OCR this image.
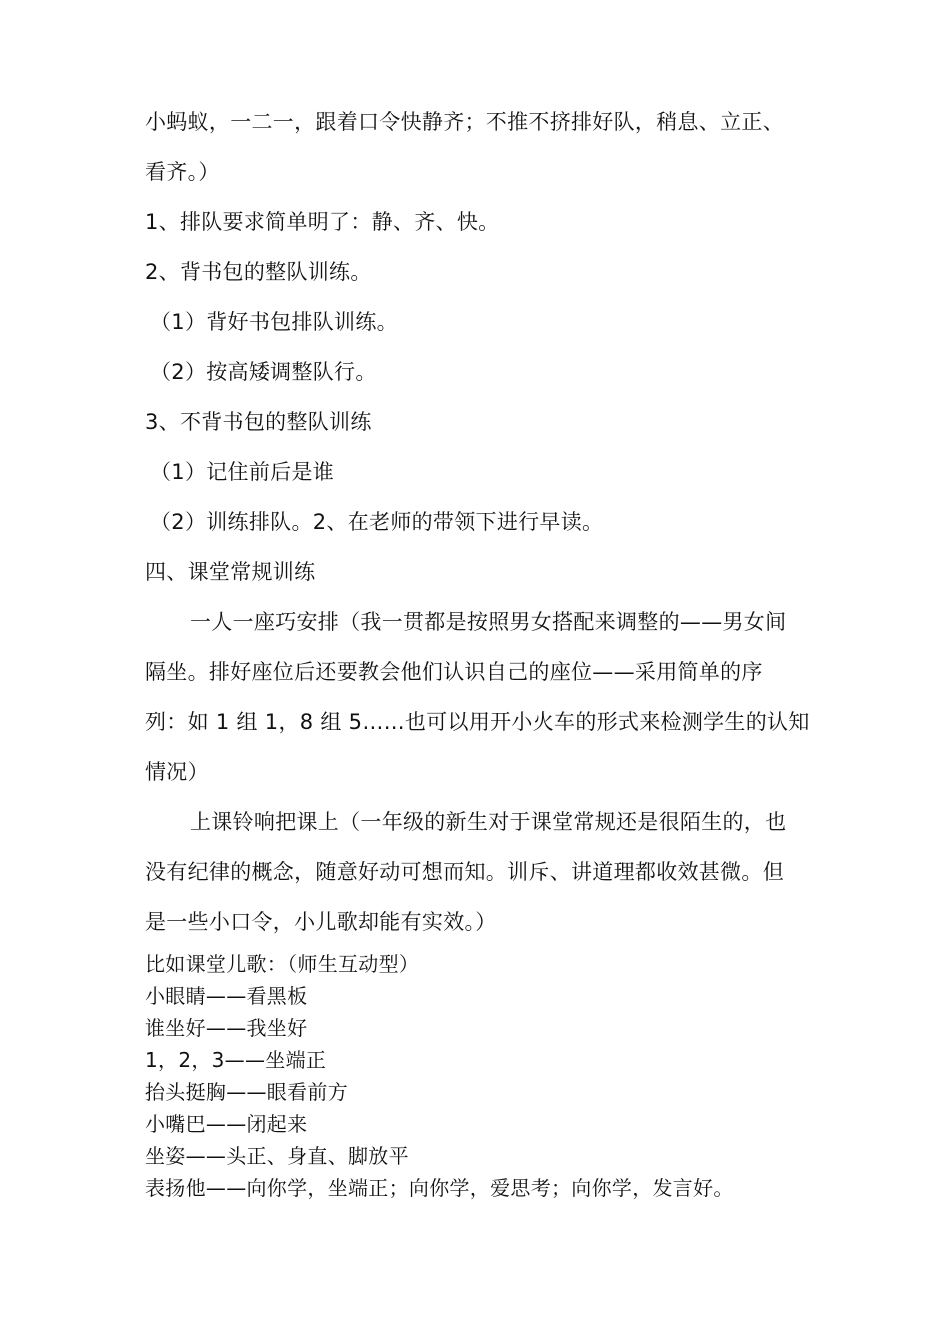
小蚂蚁，一二一，跟着口令快静齐；不推不挤排好队，稍息、立正、
看齐。）
1、排队要求简单明了：静、齐、快。
2、背书包的整队训练。
（1）背好书包排队训练。
（2）按高矮调整队行。
3、不背书包的整队训练
（1）记住前后是谁
（2）训练排队。2、在老师的带领下进行早读。
四、课堂常规训练
一人一座巧安排（我一贯都是按照男女搭配来调整的——男女间
隔坐。排好座位后还要教会他们认识自己的座位——采用简单的序
列：如 1 组 1，8 组 5……也可以用开小火车的形式来检测学生的认知
情况）
上课铃响把课上（一年级的新生对于课堂常规还是很陌生的，也
没有纪律的概念，随意好动可想而知。训斥、讲道理都收效甚微。但
是一些小口令，小儿歌却能有实效。）
比如课堂儿歌：（师生互动型）
小眼睛——看黑板
谁坐好——我坐好
1，2，3——坐端正
抬头挺胸——眼看前方
小嘴巴——闭起来
坐姿——头正、身直、脚放平
表扬他——向你学，坐端正；向你学，爱思考；向你学，发言好。
